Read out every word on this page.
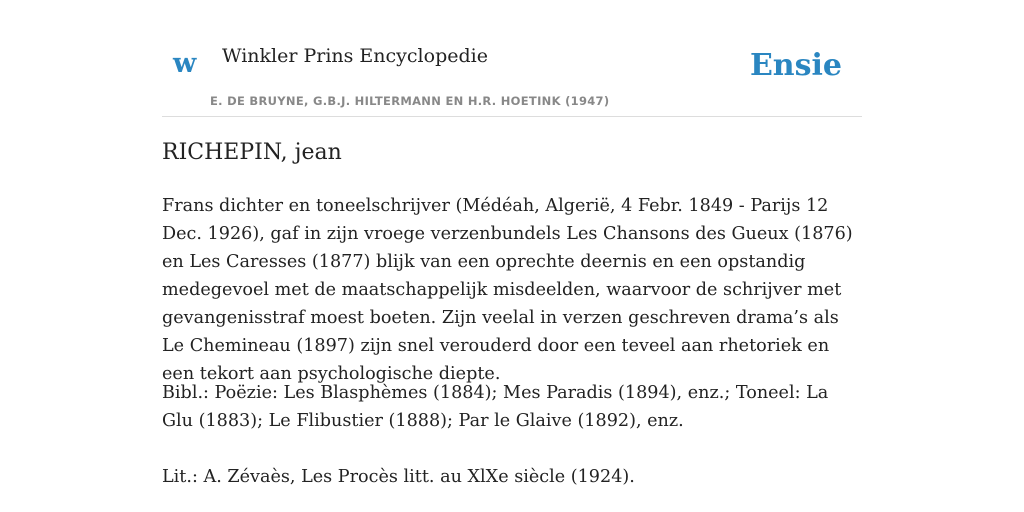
w Winkler Prins Encyclopedie
E. DE BRUYNE, G.B.J. HILTERMANN EN H.R. HOETINK (1947)
Ensie
RICHEPIN, jean

Frans dichter en toneelschrijver (Médéah, Algerië, 4 Febr. 1849 - Parijs 12 Dec. 1926), gaf in zijn vroege verzenbundels Les Chansons des Gueux (1876) en Les Caresses (1877) blijk van een oprechte deernis en een opstandig medegevoel met de maatschappelijk misdeelden, waarvoor de schrijver met gevangenisstraf moest boeten. Zijn veelal in verzen geschreven drama’s als Le Chemineau (1897) zijn snel verouderd door een teveel aan rhetoriek en een tekort aan psychologische diepte.

Bibl.: Poëzie: Les Blasphèmes (1884); Mes Paradis (1894), enz.; Toneel: La Glu (1883); Le Flibustier (1888); Par le Glaive (1892), enz.

Lit.: A. Zévaès, Les Procès litt. au XlXe siècle (1924).
